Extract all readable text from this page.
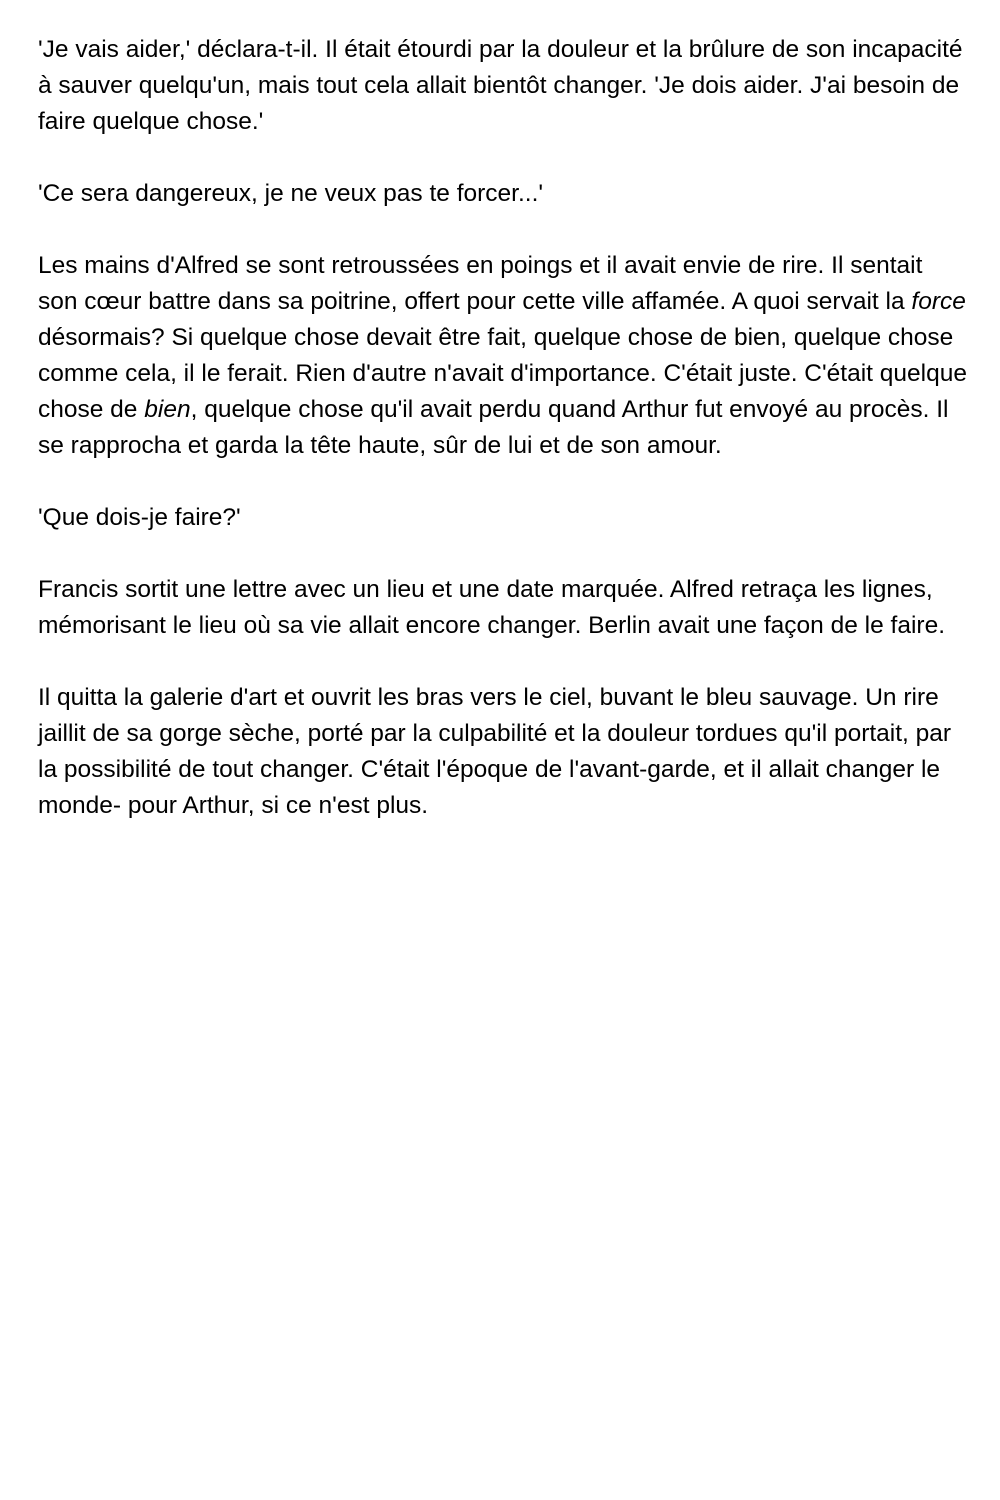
'Je vais aider,' déclara-t-il. Il était étourdi par la douleur et la brûlure de son incapacité à sauver quelqu'un, mais tout cela allait bientôt changer. 'Je dois aider. J'ai besoin de faire quelque chose.'

'Ce sera dangereux, je ne veux pas te forcer...'

Les mains d'Alfred se sont retroussées en poings et il avait envie de rire. Il sentait son cœur battre dans sa poitrine, offert pour cette ville affamée. A quoi servait la force désormais? Si quelque chose devait être fait, quelque chose de bien, quelque chose comme cela, il le ferait. Rien d'autre n'avait d'importance. C'était juste. C'était quelque chose de bien, quelque chose qu'il avait perdu quand Arthur fut envoyé au procès. Il se rapprocha et garda la tête haute, sûr de lui et de son amour.

'Que dois-je faire?'

Francis sortit une lettre avec un lieu et une date marquée. Alfred retraça les lignes, mémorisant le lieu où sa vie allait encore changer. Berlin avait une façon de le faire.

Il quitta la galerie d'art et ouvrit les bras vers le ciel, buvant le bleu sauvage. Un rire jaillit de sa gorge sèche, porté par la culpabilité et la douleur tordues qu'il portait, par la possibilité de tout changer. C'était l'époque de l'avant-garde, et il allait changer le monde- pour Arthur, si ce n'est plus.
